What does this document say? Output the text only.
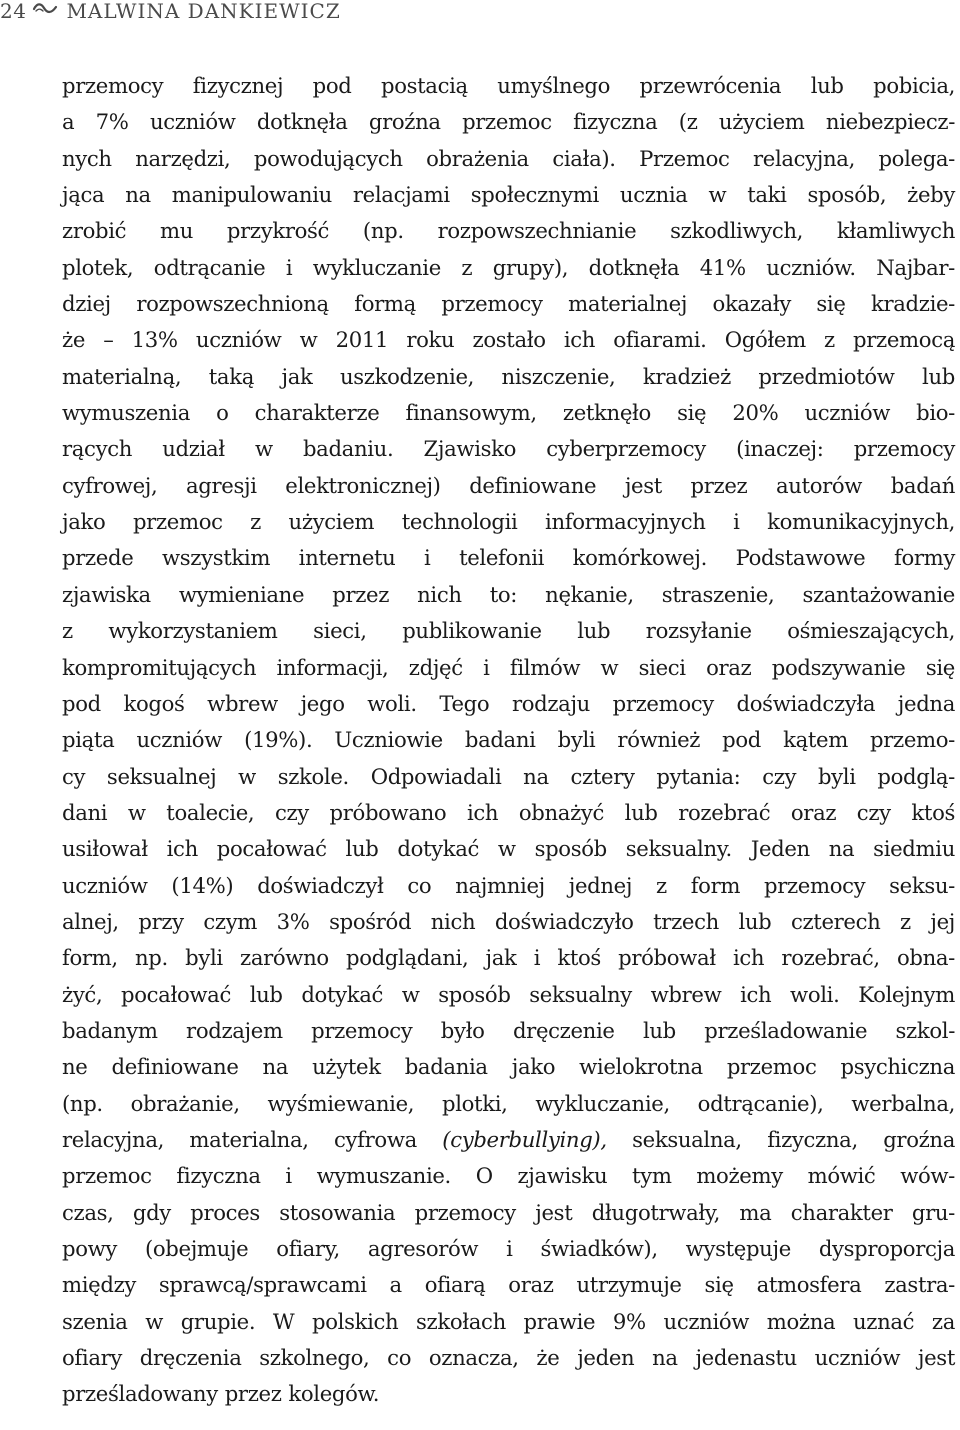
24 MALWINA DANKIEWICZ
przemocy fizycznej pod postacią umyślnego przewrócenia lub pobicia,
a 7% uczniów dotknęła groźna przemoc fizyczna (z użyciem niebezpiecz-
nych narzędzi, powodujących obrażenia ciała). Przemoc relacyjna, polega-
jąca na manipulowaniu relacjami społecznymi ucznia w taki sposób, żeby
zrobić mu przykrość (np. rozpowszechnianie szkodliwych, kłamliwych
plotek, odtrącanie i wykluczanie z grupy), dotknęła 41% uczniów. Najbar-
dziej rozpowszechnioną formą przemocy materialnej okazały się kradzie-
że – 13% uczniów w 2011 roku zostało ich ofiarami. Ogółem z przemocą
materialną, taką jak uszkodzenie, niszczenie, kradzież przedmiotów lub
wymuszenia o charakterze finansowym, zetknęło się 20% uczniów bio-
rących udział w badaniu. Zjawisko cyberprzemocy (inaczej: przemocy
cyfrowej, agresji elektronicznej) definiowane jest przez autorów badań
jako przemoc z użyciem technologii informacyjnych i komunikacyjnych,
przede wszystkim internetu i telefonii komórkowej. Podstawowe formy
zjawiska wymieniane przez nich to: nękanie, straszenie, szantażowanie
z wykorzystaniem sieci, publikowanie lub rozsyłanie ośmieszających,
kompromitujących informacji, zdjęć i filmów w sieci oraz podszywanie się
pod kogoś wbrew jego woli. Tego rodzaju przemocy doświadczyła jedna
piąta uczniów (19%). Uczniowie badani byli również pod kątem przemo-
cy seksualnej w szkole. Odpowiadali na cztery pytania: czy byli podglą-
dani w toalecie, czy próbowano ich obnażyć lub rozebrać oraz czy ktoś
usiłował ich pocałować lub dotykać w sposób seksualny. Jeden na siedmiu
uczniów (14%) doświadczył co najmniej jednej z form przemocy seksu-
alnej, przy czym 3% spośród nich doświadczyło trzech lub czterech z jej
form, np. byli zarówno podglądani, jak i ktoś próbował ich rozebrać, obna-
żyć, pocałować lub dotykać w sposób seksualny wbrew ich woli. Kolejnym
badanym rodzajem przemocy było dręczenie lub prześladowanie szkol-
ne definiowane na użytek badania jako wielokrotna przemoc psychiczna
(np. obrażanie, wyśmiewanie, plotki, wykluczanie, odtrącanie), werbalna,
relacyjna, materialna, cyfrowa (cyberbullying), seksualna, fizyczna, groźna
przemoc fizyczna i wymuszanie. O zjawisku tym możemy mówić wów-
czas, gdy proces stosowania przemocy jest długotrwały, ma charakter gru-
powy (obejmuje ofiary, agresorów i świadków), występuje dysproporcja
między sprawcą/sprawcami a ofiarą oraz utrzymuje się atmosfera zastra-
szenia w grupie. W polskich szkołach prawie 9% uczniów można uznać za
ofiary dręczenia szkolnego, co oznacza, że jeden na jedenastu uczniów jest
prześladowany przez kolegów.
